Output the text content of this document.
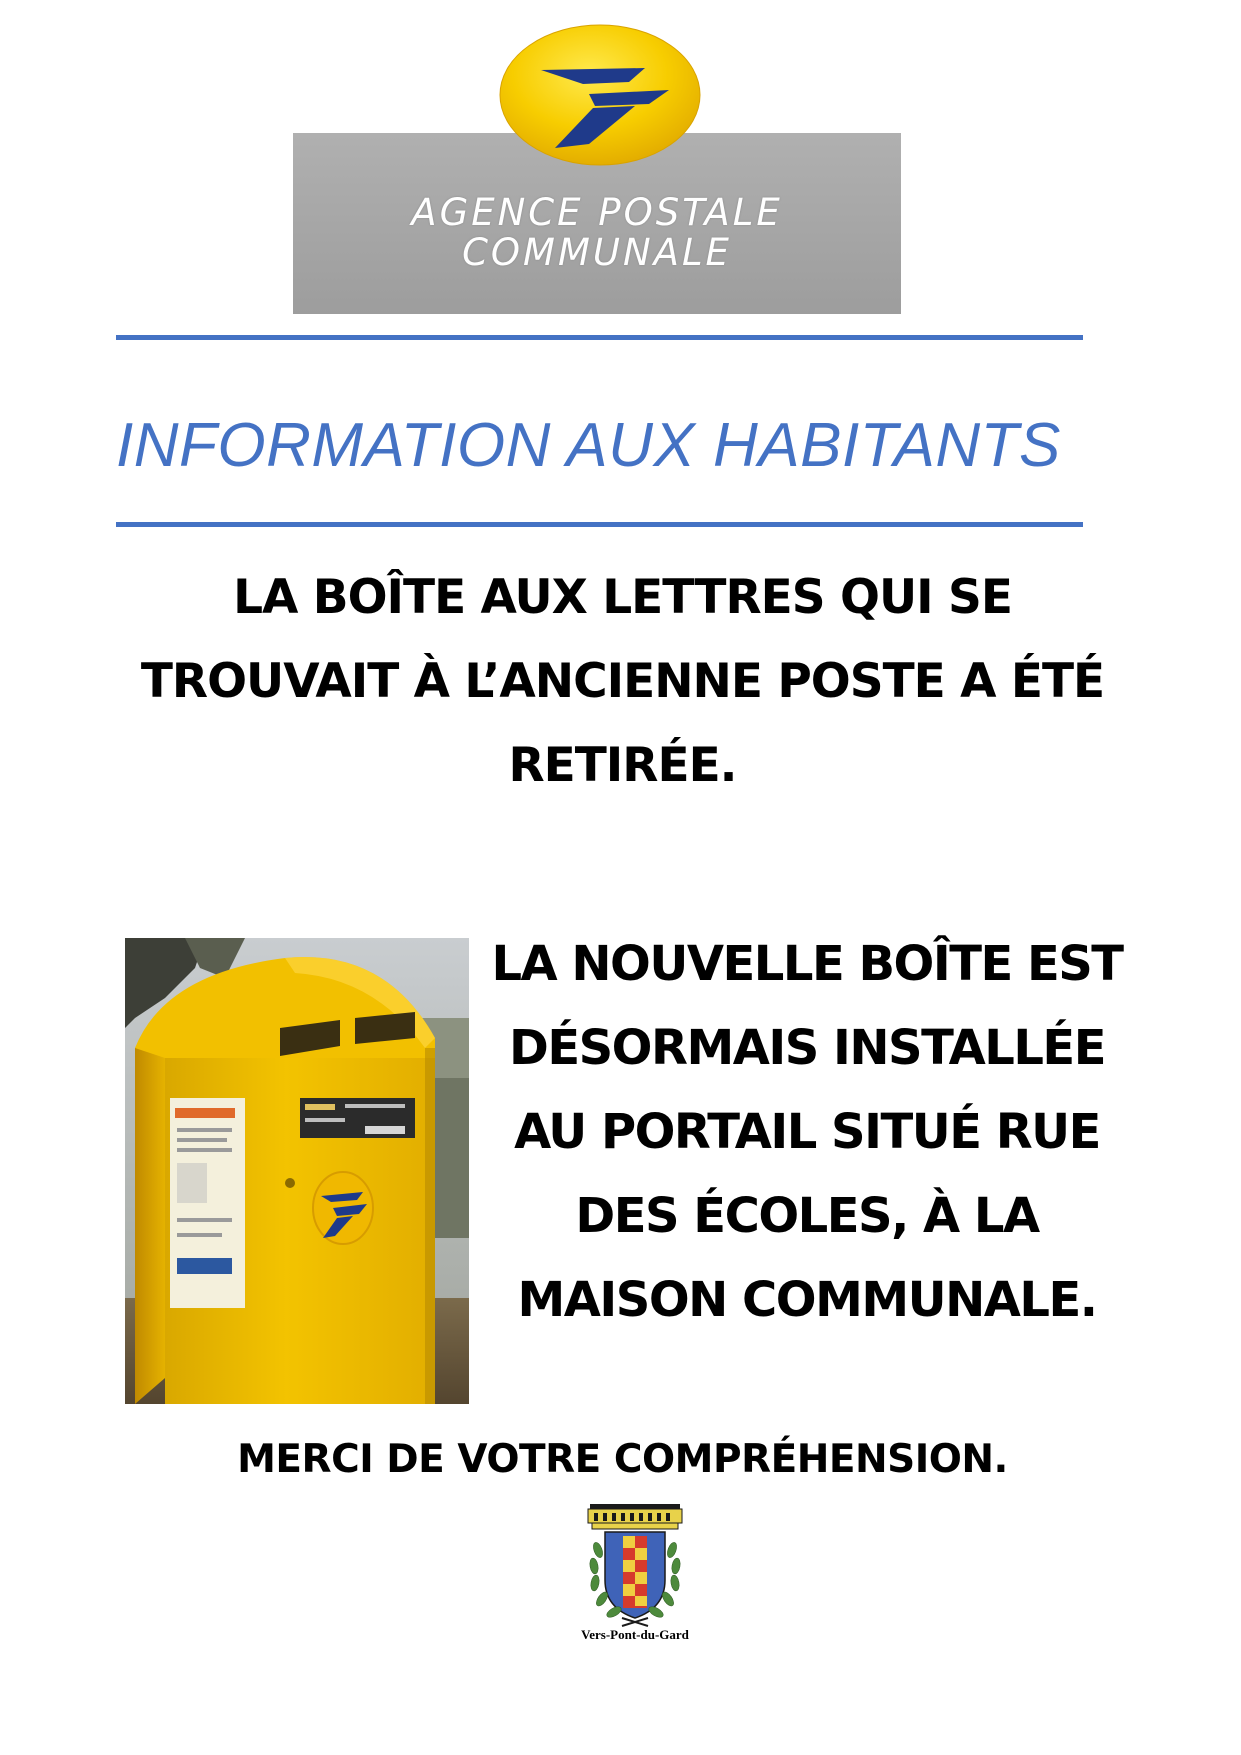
AGENCE POSTALE
COMMUNALE
INFORMATION AUX HABITANTS
LA BOÎTE AUX LETTRES QUI SE
TROUVAIT À L’ANCIENNE POSTE A ÉTÉ
RETIRÉE.
LA NOUVELLE BOÎTE EST
DÉSORMAIS INSTALLÉE
AU PORTAIL SITUÉ RUE
DES ÉCOLES, À LA
MAISON COMMUNALE.
MERCI DE VOTRE COMPRÉHENSION.
Vers-Pont-du-Gard
